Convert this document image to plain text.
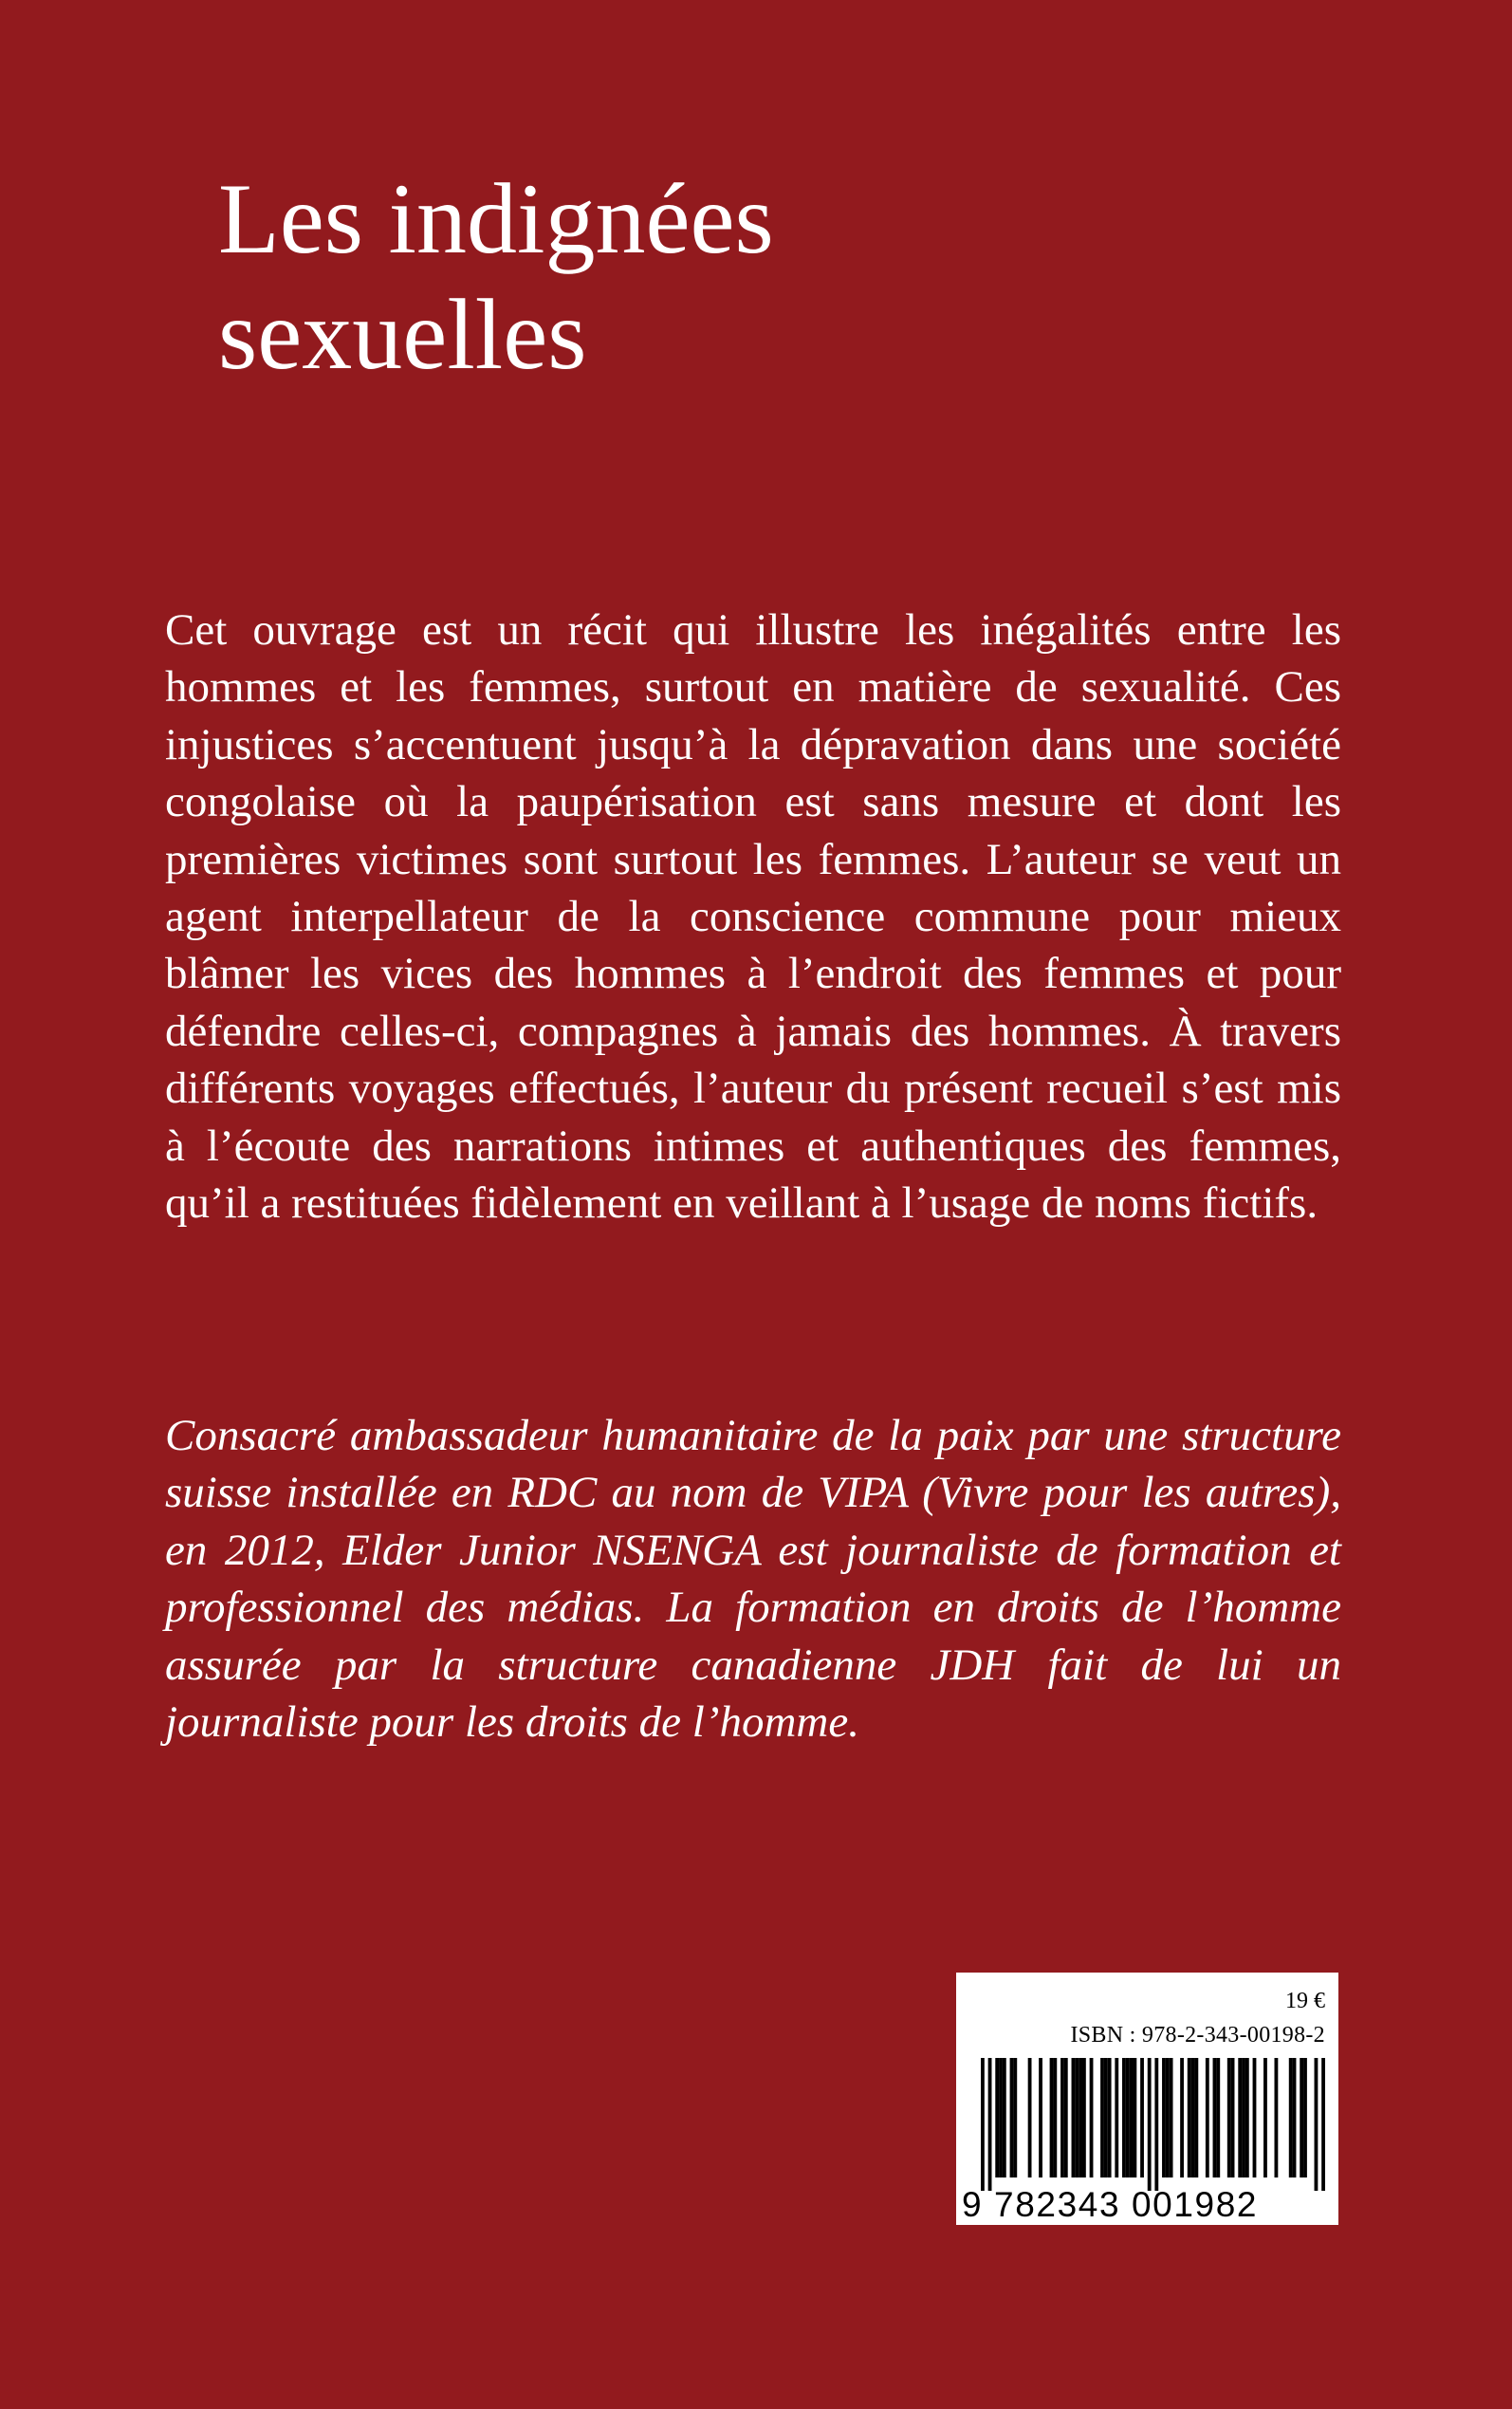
Les indignées
sexuelles

Cet ouvrage est un récit qui illustre les inégalités entre les hommes et les femmes, surtout en matière de sexualité. Ces injustices s’accentuent jusqu’à la dépravation dans une société congolaise où la paupérisation est sans mesure et dont les premières victimes sont surtout les femmes. L’auteur se veut un agent interpellateur de la conscience commune pour mieux blâmer les vices des hommes à l’endroit des femmes et pour défendre celles-ci, compagnes à jamais des hommes. À travers différents voyages effectués, l’auteur du présent recueil s’est mis à l’écoute des narrations intimes et authentiques des femmes, qu’il a restituées fidèlement en veillant à l’usage de noms fictifs.

Consacré ambassadeur humanitaire de la paix par une structure suisse installée en RDC au nom de VIPA (Vivre pour les autres), en 2012, Elder Junior NSENGA est journaliste de formation et professionnel des médias. La formation en droits de l’homme assurée par la structure canadienne JDH fait de lui un journaliste pour les droits de l’homme.

19 €
ISBN : 978-2-343-00198-2
9 782343 001982
